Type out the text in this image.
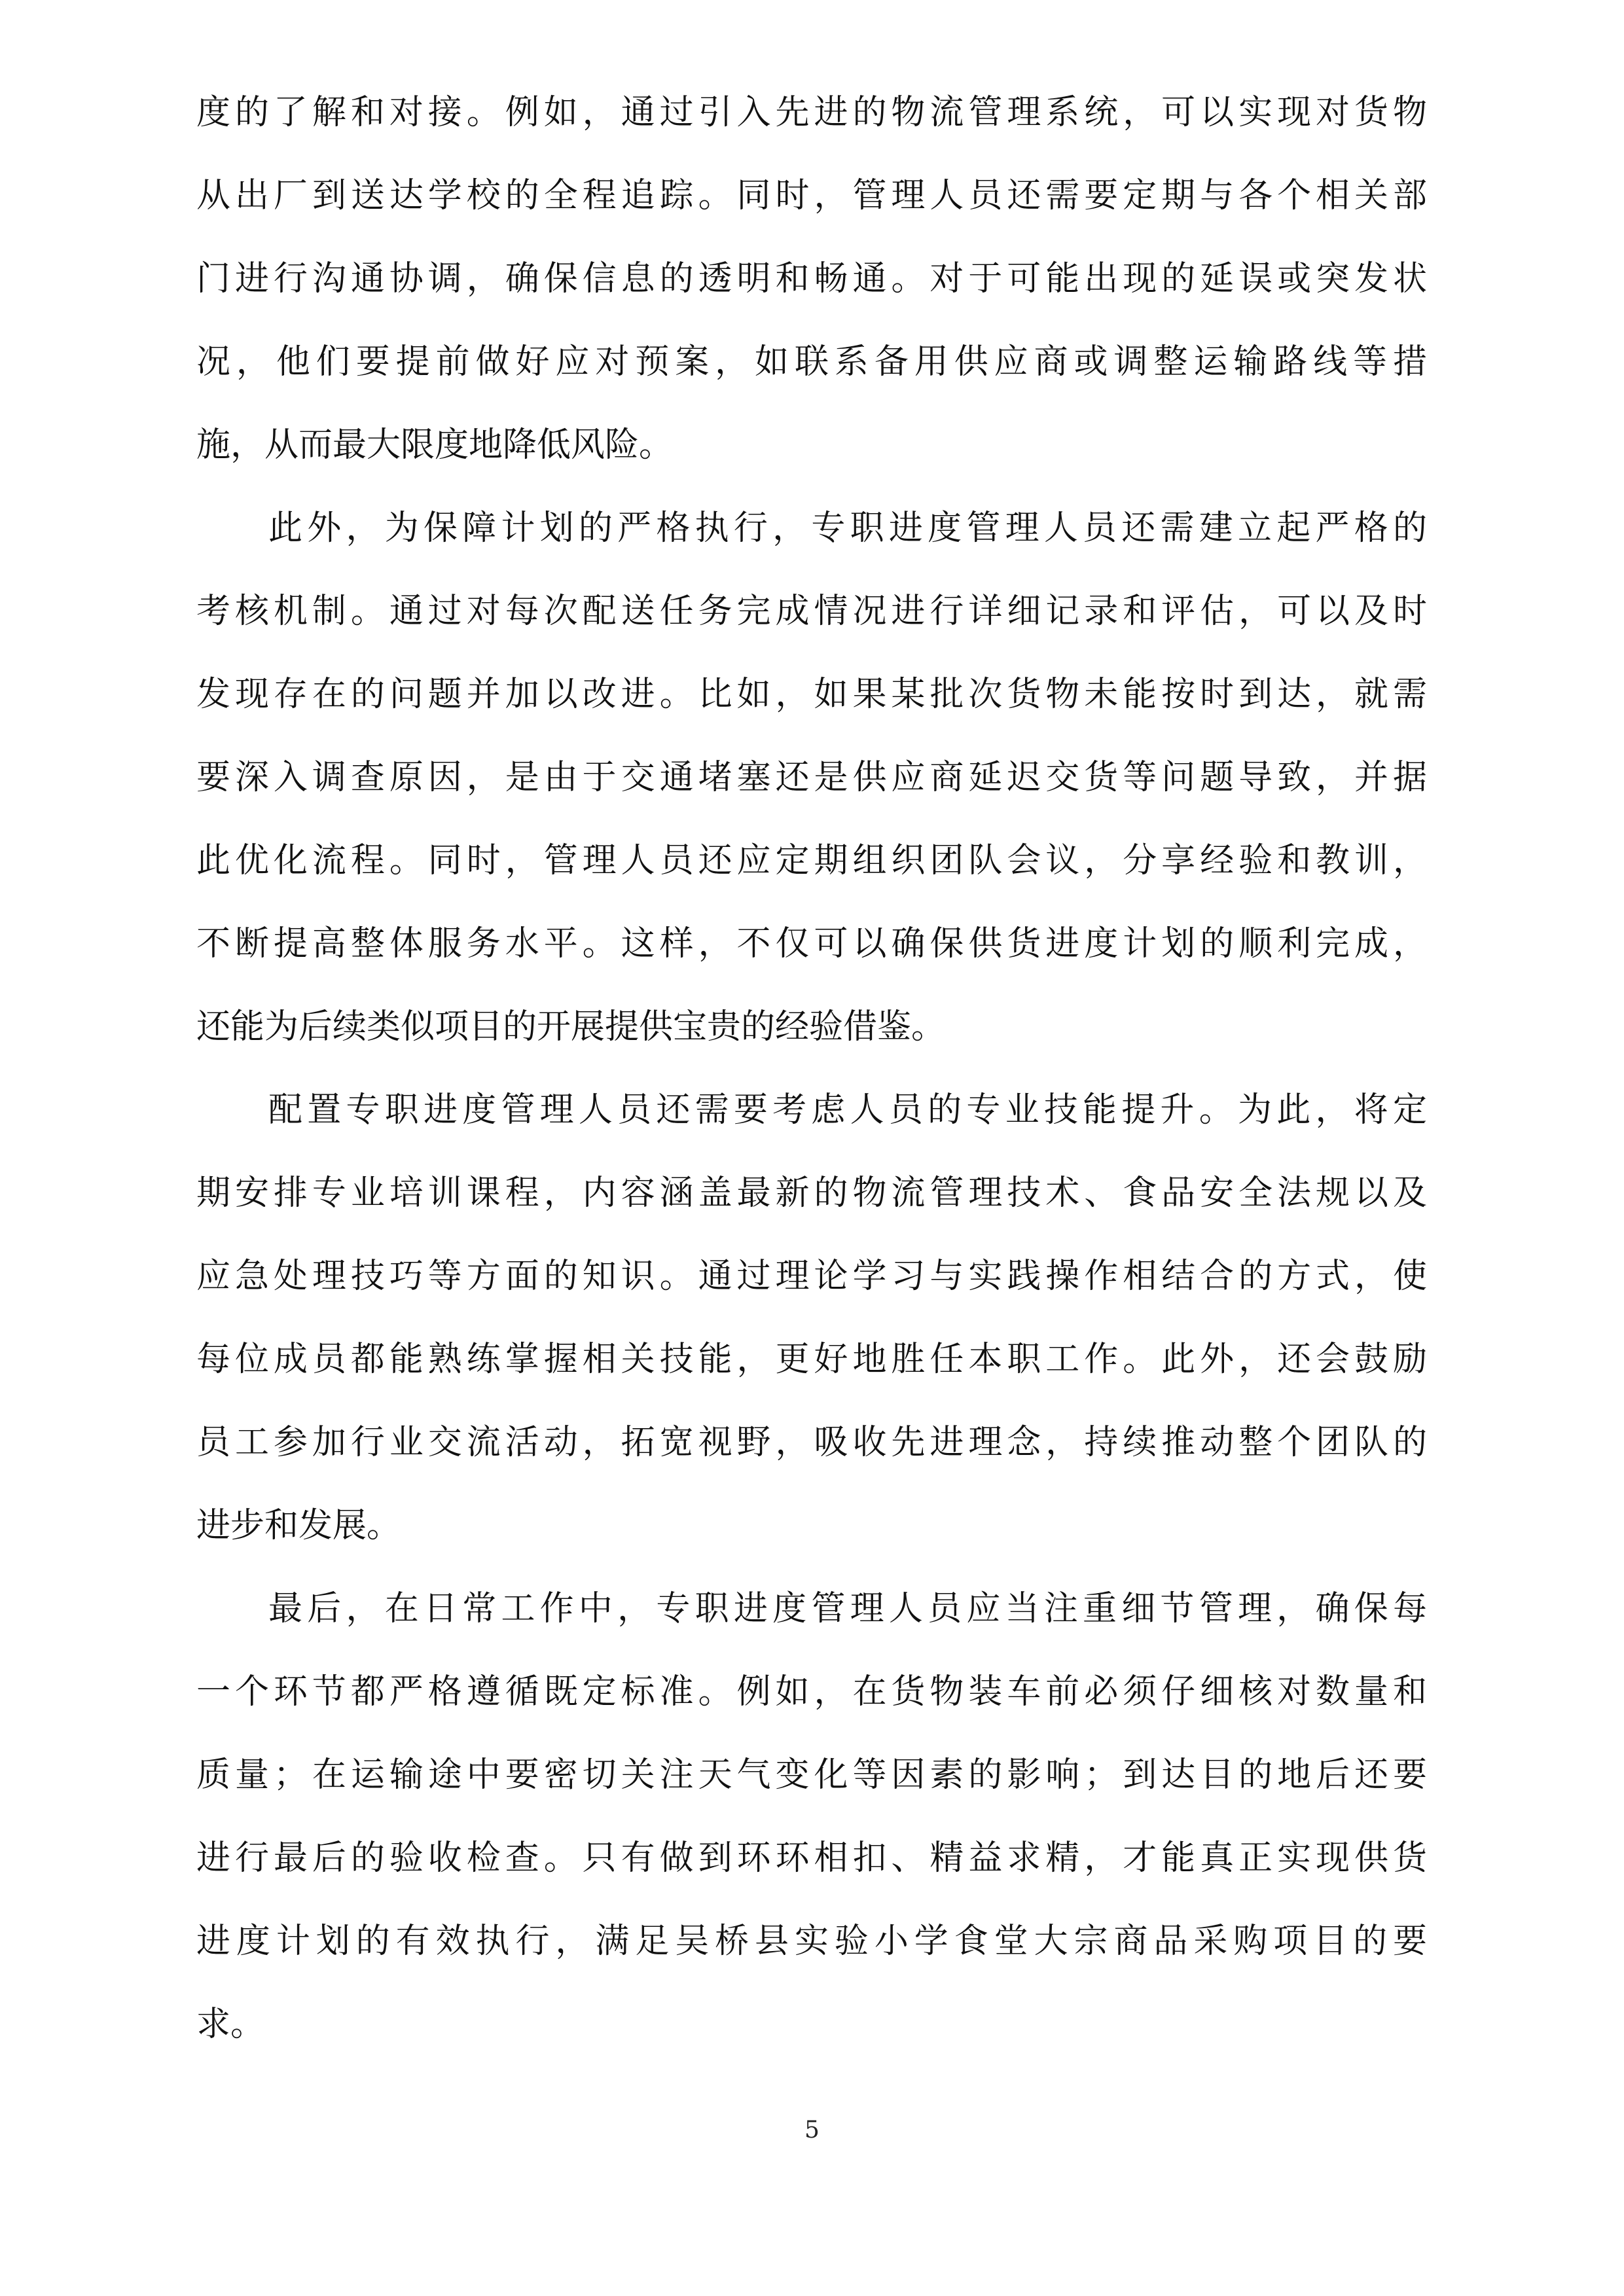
度的了解和对接。例如，通过引入先进的物流管理系统，可以实现对货物

从出厂到送达学校的全程追踪。同时，管理人员还需要定期与各个相关部

门进行沟通协调，确保信息的透明和畅通。对于可能出现的延误或突发状

况，他们要提前做好应对预案，如联系备用供应商或调整运输路线等措

施，从而最大限度地降低风险。

此外，为保障计划的严格执行，专职进度管理人员还需建立起严格的

考核机制。通过对每次配送任务完成情况进行详细记录和评估，可以及时

发现存在的问题并加以改进。比如，如果某批次货物未能按时到达，就需

要深入调查原因，是由于交通堵塞还是供应商延迟交货等问题导致，并据

此优化流程。同时，管理人员还应定期组织团队会议，分享经验和教训，

不断提高整体服务水平。这样，不仅可以确保供货进度计划的顺利完成，

还能为后续类似项目的开展提供宝贵的经验借鉴。

配置专职进度管理人员还需要考虑人员的专业技能提升。为此，将定

期安排专业培训课程，内容涵盖最新的物流管理技术、食品安全法规以及

应急处理技巧等方面的知识。通过理论学习与实践操作相结合的方式，使

每位成员都能熟练掌握相关技能，更好地胜任本职工作。此外，还会鼓励

员工参加行业交流活动，拓宽视野，吸收先进理念，持续推动整个团队的

进步和发展。

最后，在日常工作中，专职进度管理人员应当注重细节管理，确保每

一个环节都严格遵循既定标准。例如，在货物装车前必须仔细核对数量和

质量；在运输途中要密切关注天气变化等因素的影响；到达目的地后还要

进行最后的验收检查。只有做到环环相扣、精益求精，才能真正实现供货

进度计划的有效执行，满足吴桥县实验小学食堂大宗商品采购项目的要

求。

5
